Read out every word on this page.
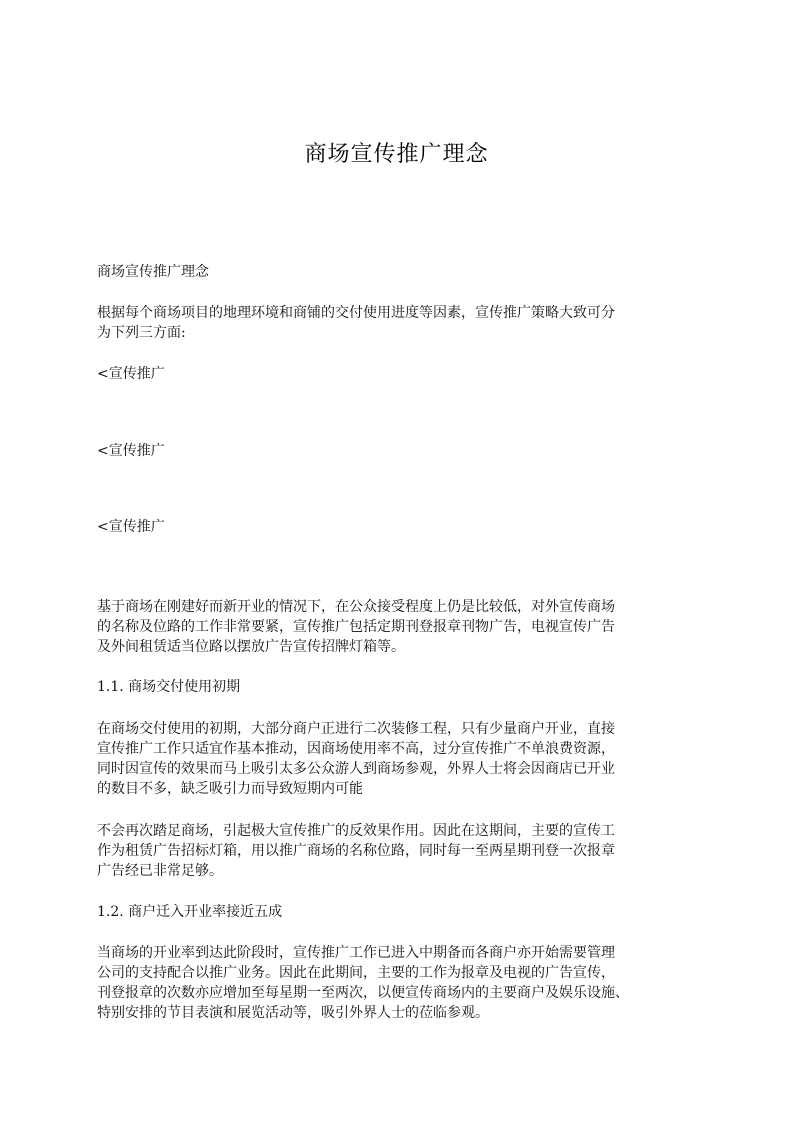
商场宣传推广理念

商场宣传推广理念

根据每个商场项目的地理环境和商铺的交付使用进度等因素，宣传推广策略大致可分
为下列三方面:

<宣传推广

<宣传推广

<宣传推广

基于商场在刚建好而新开业的情况下，在公众接受程度上仍是比较低，对外宣传商场
的名称及位路的工作非常要紧，宣传推广包括定期刊登报章刊物广告，电视宣传广告
及外间租赁适当位路以摆放广告宣传招牌灯箱等。

1.1. 商场交付使用初期

在商场交付使用的初期，大部分商户正进行二次装修工程，只有少量商户开业，直接
宣传推广工作只适宜作基本推动，因商场使用率不高，过分宣传推广不单浪费资源，
同时因宣传的效果而马上吸引太多公众游人到商场参观，外界人士将会因商店已开业
的数目不多，缺乏吸引力而导致短期内可能

不会再次踏足商场，引起极大宣传推广的反效果作用。因此在这期间，主要的宣传工
作为租赁广告招标灯箱，用以推广商场的名称位路，同时每一至两星期刊登一次报章
广告经已非常足够。

1.2. 商户迁入开业率接近五成

当商场的开业率到达此阶段时，宣传推广工作已进入中期备而各商户亦开始需要管理
公司的支持配合以推广业务。因此在此期间，主要的工作为报章及电视的广告宣传，
刊登报章的次数亦应增加至每星期一至两次，以便宣传商场内的主要商户及娱乐设施、
特别安排的节目表演和展览活动等，吸引外界人士的莅临参观。
